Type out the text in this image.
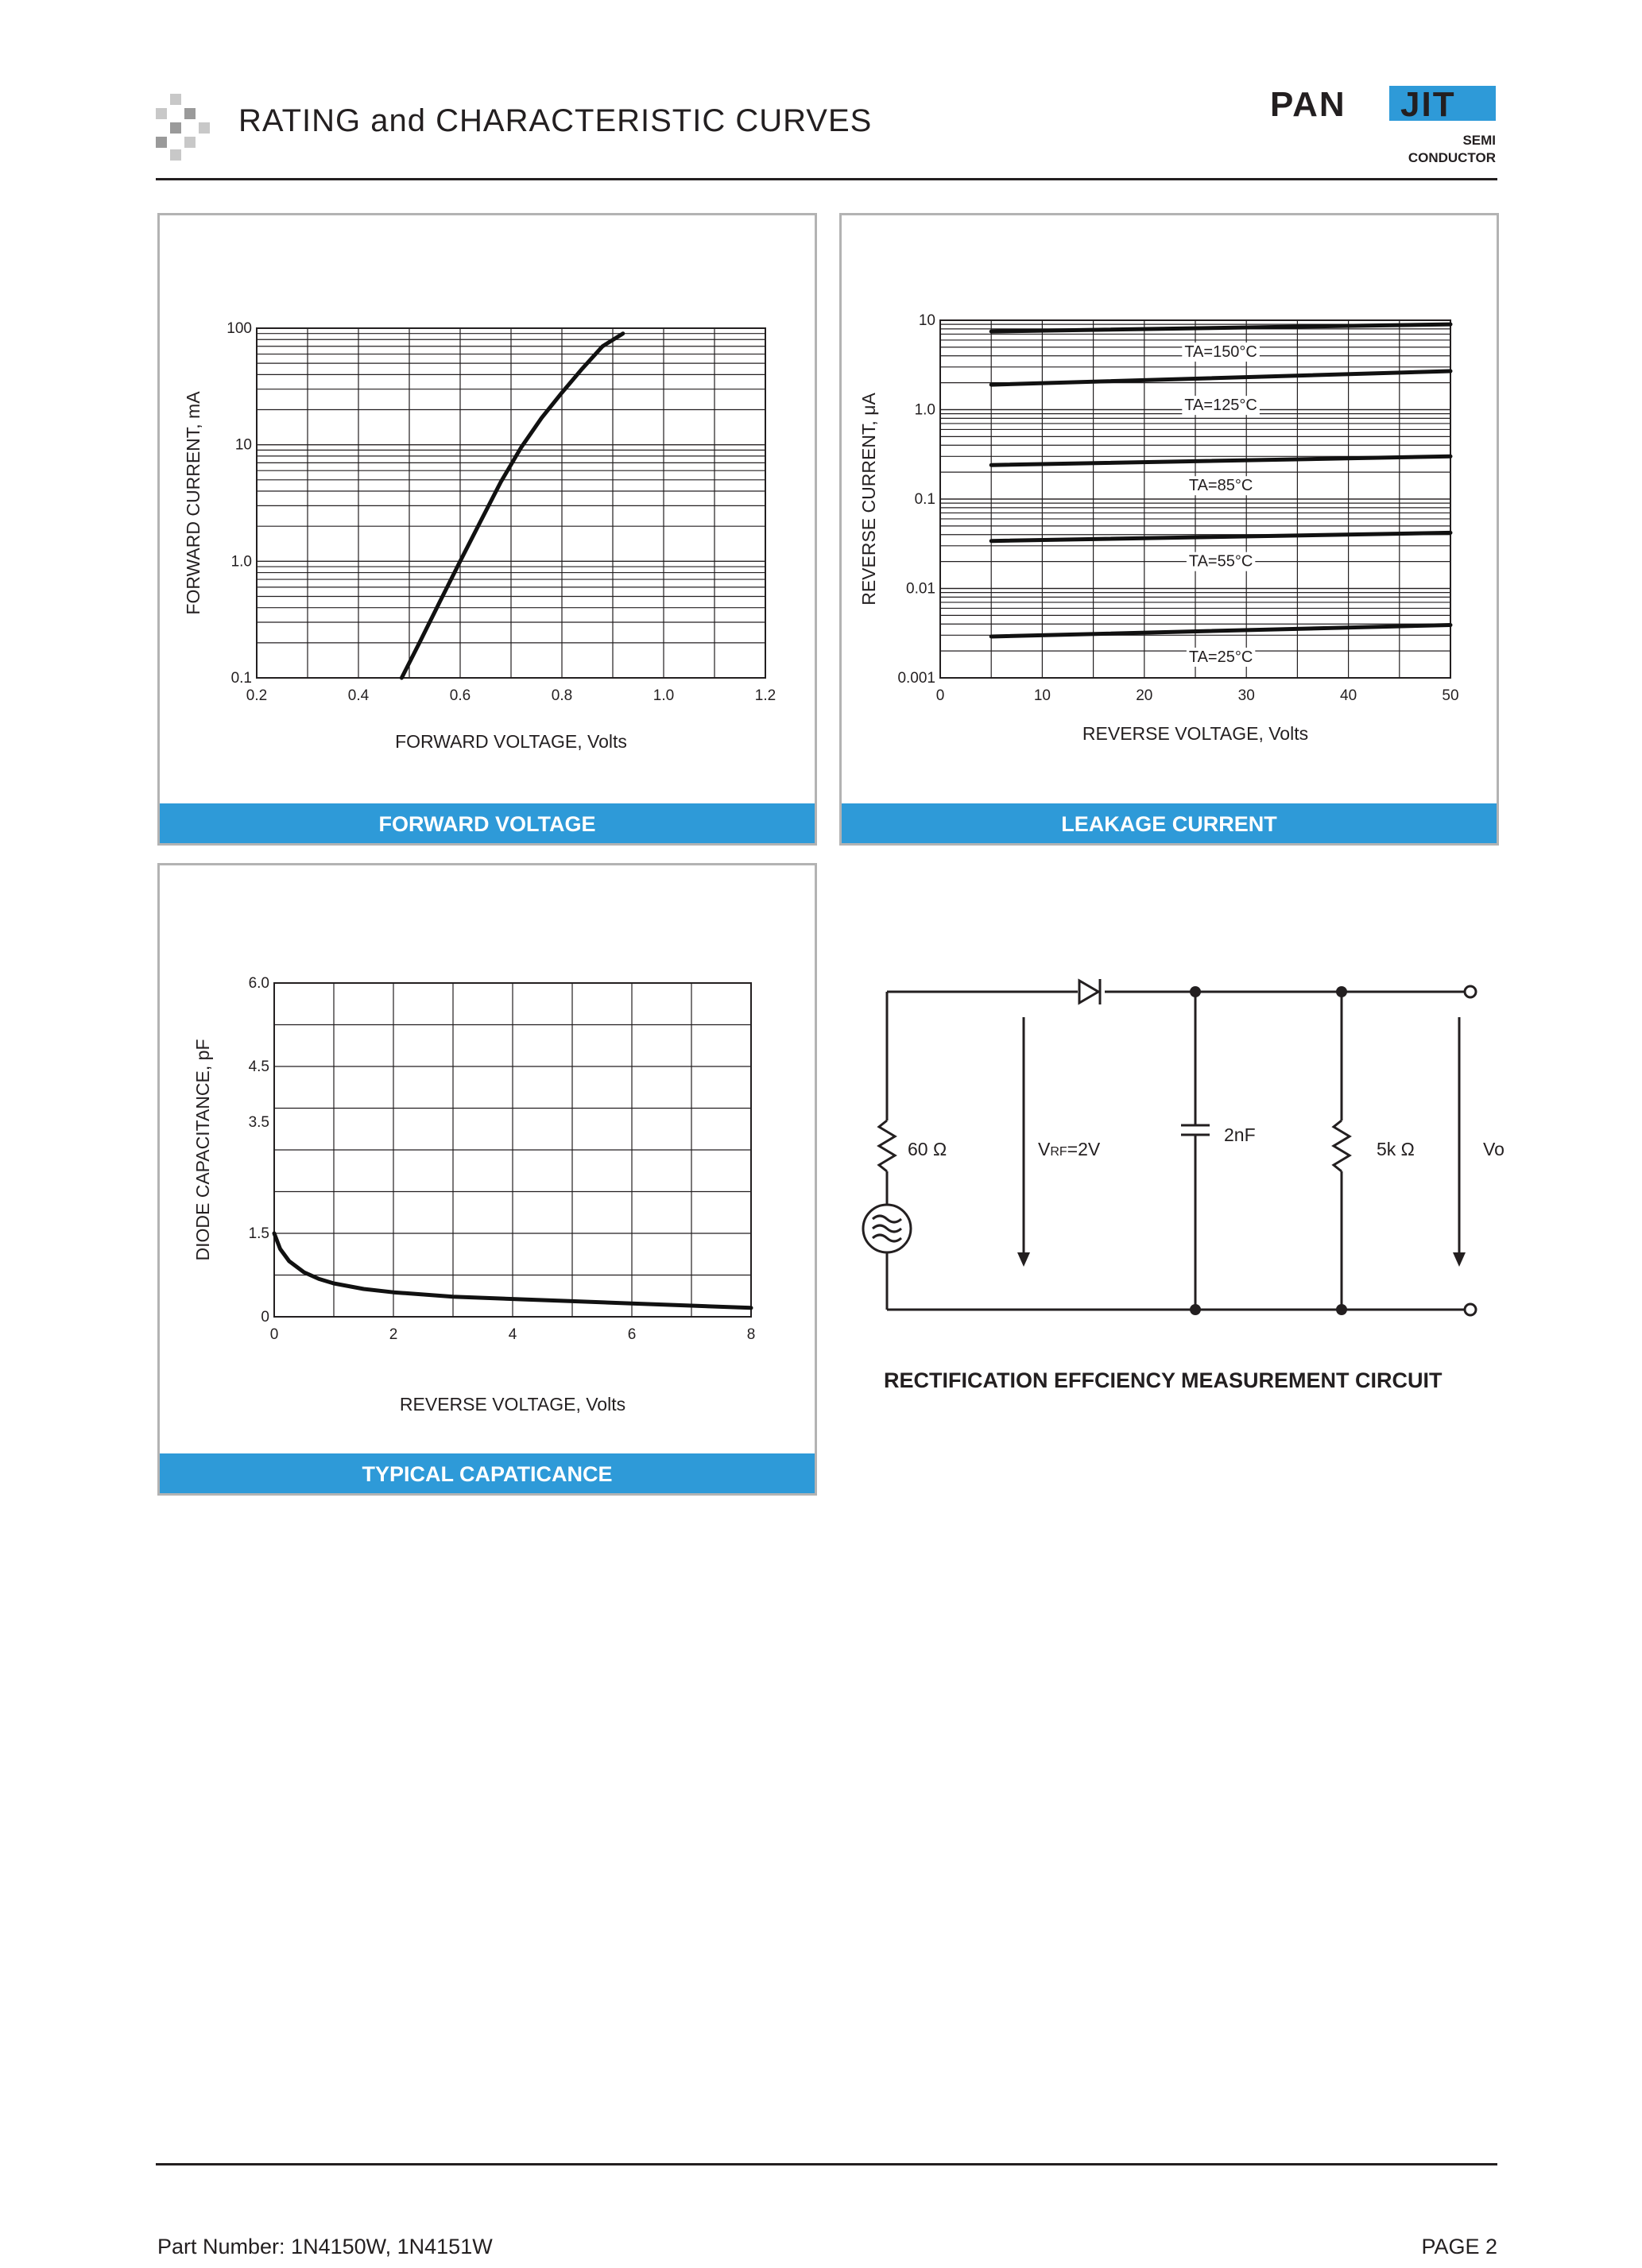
RATING and CHARACTERISTIC CURVES	PAN JIT
SEMI
CONDUCTOR
0.2	0.4	0.6	0.8	1.0	1.2
0.1
1.0
10
100
FORWARD VOLTAGE, Volts
FORWARD CURRENT, mA
FORWARD VOLTAGE
0	10	20	30	40	50
0.001
0.01
0.1
1.0
10
REVERSE VOLTAGE, Volts
REVERSE CURRENT, μA
TA=150°C
TA=125°C
TA=85°C
TA=55°C
TA=25°C
LEAKAGE CURRENT
0	2	4	6	8
0
1.5
3.5
4.5
6.0
REVERSE VOLTAGE, Volts
DIODE CAPACITANCE, pF
TYPICAL CAPATICANCE
60 Ω	VRF=2V
2nF
5k Ω	Vo
RECTIFICATION EFFCIENCY MEASUREMENT CIRCUIT
Part Number: 1N4150W, 1N4151W	PAGE 2
